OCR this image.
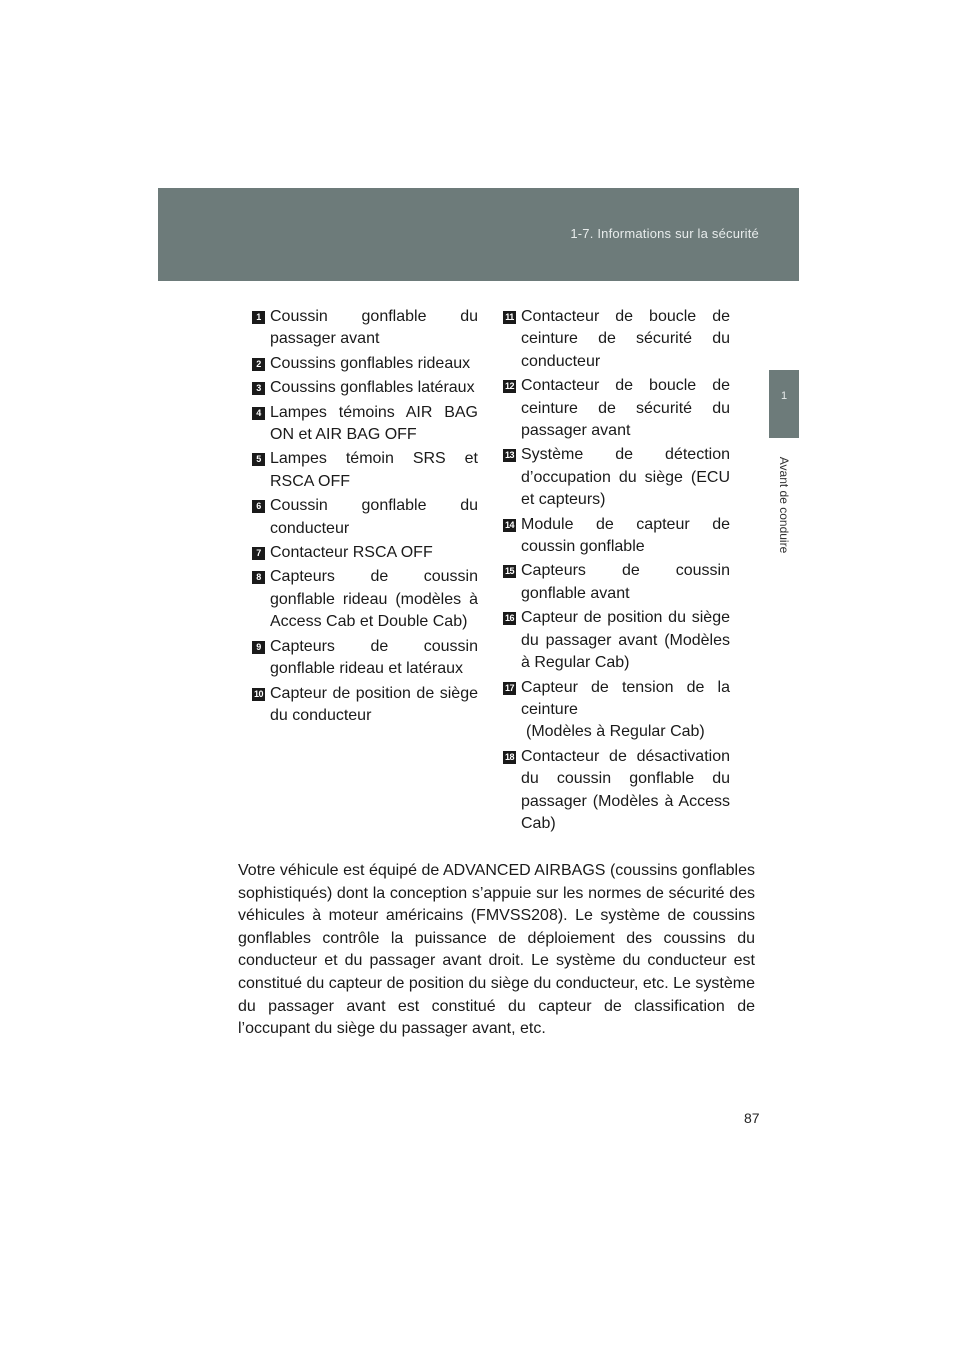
1-7. Informations sur la sécurité
1
Avant de conduire
1 Coussin gonflable du passager avant
2 Coussins gonflables rideaux
3 Coussins gonflables latéraux
4 Lampes témoins AIR BAG ON et AIR BAG OFF
5 Lampes témoin SRS et RSCA OFF
6 Coussin gonflable du conducteur
7 Contacteur RSCA OFF
8 Capteurs de coussin gonflable rideau (modèles à Access Cab et Double Cab)
9 Capteurs de coussin gonflable rideau et latéraux
10 Capteur de position de siège du conducteur
11 Contacteur de boucle de ceinture de sécurité du conducteur
12 Contacteur de boucle de ceinture de sécurité du passager avant
13 Système de détection d’occupation du siège (ECU et capteurs)
14 Module de capteur de coussin gonflable
15 Capteurs de coussin gonflable avant
16 Capteur de position du siège du passager avant (Modèles à Regular Cab)
17 Capteur de tension de la ceinture
(Modèles à Regular Cab)
18 Contacteur de désactivation du coussin gonflable du passager (Modèles à Access Cab)
Votre véhicule est équipé de ADVANCED AIRBAGS (coussins gonflables sophistiqués) dont la conception s’appuie sur les normes de sécurité des véhicules à moteur américains (FMVSS208). Le système de coussins gonflables contrôle la puissance de déploiement des coussins du conducteur et du passager avant droit. Le système du conducteur est constitué du capteur de position du siège du conducteur, etc. Le système du passager avant est constitué du capteur de classification de l’occupant du siège du passager avant, etc.
87
